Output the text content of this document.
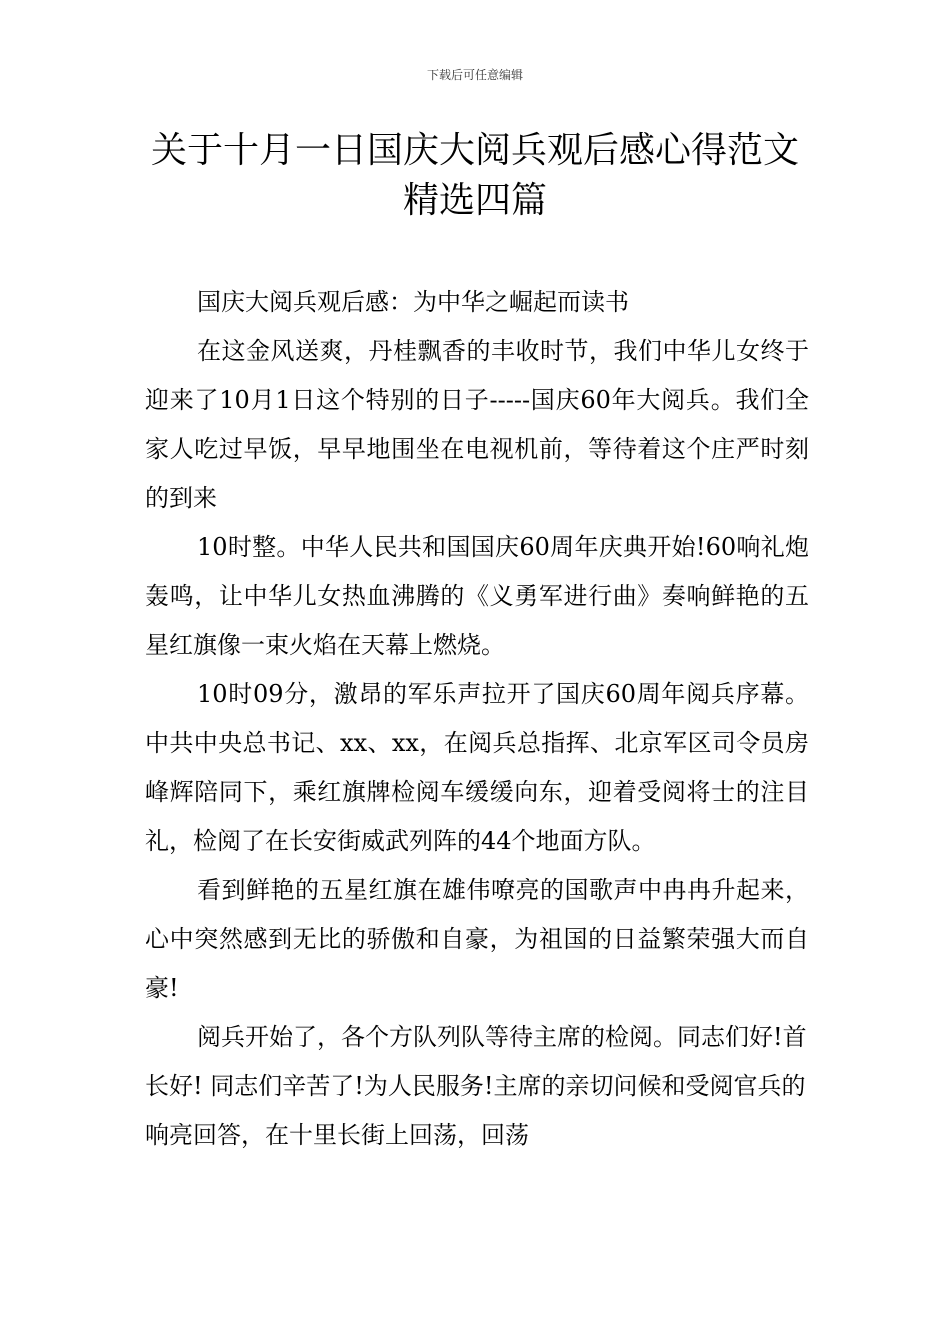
下载后可任意编辑
关于十月一日国庆大阅兵观后感心得范文
精选四篇

国庆大阅兵观后感：为中华之崛起而读书

在这金风送爽，丹桂飘香的丰收时节，我们中华儿女终于迎来了10月1日这个特别的日子-----国庆60年大阅兵。我们全家人吃过早饭，早早地围坐在电视机前，等待着这个庄严时刻的到来

10时整。中华人民共和国国庆60周年庆典开始!60响礼炮轰鸣，让中华儿女热血沸腾的《义勇军进行曲》奏响鲜艳的五星红旗像一束火焰在天幕上燃烧。

10时09分，激昂的军乐声拉开了国庆60周年阅兵序幕。中共中央总书记、xx、xx，在阅兵总指挥、北京军区司令员房峰辉陪同下，乘红旗牌检阅车缓缓向东，迎着受阅将士的注目礼，检阅了在长安街威武列阵的44个地面方队。

看到鲜艳的五星红旗在雄伟嘹亮的国歌声中冉冉升起来，心中突然感到无比的骄傲和自豪，为祖国的日益繁荣强大而自豪!

阅兵开始了，各个方队列队等待主席的检阅。同志们好!首长好! 同志们辛苦了!为人民服务!主席的亲切问候和受阅官兵的响亮回答，在十里长街上回荡，回荡
